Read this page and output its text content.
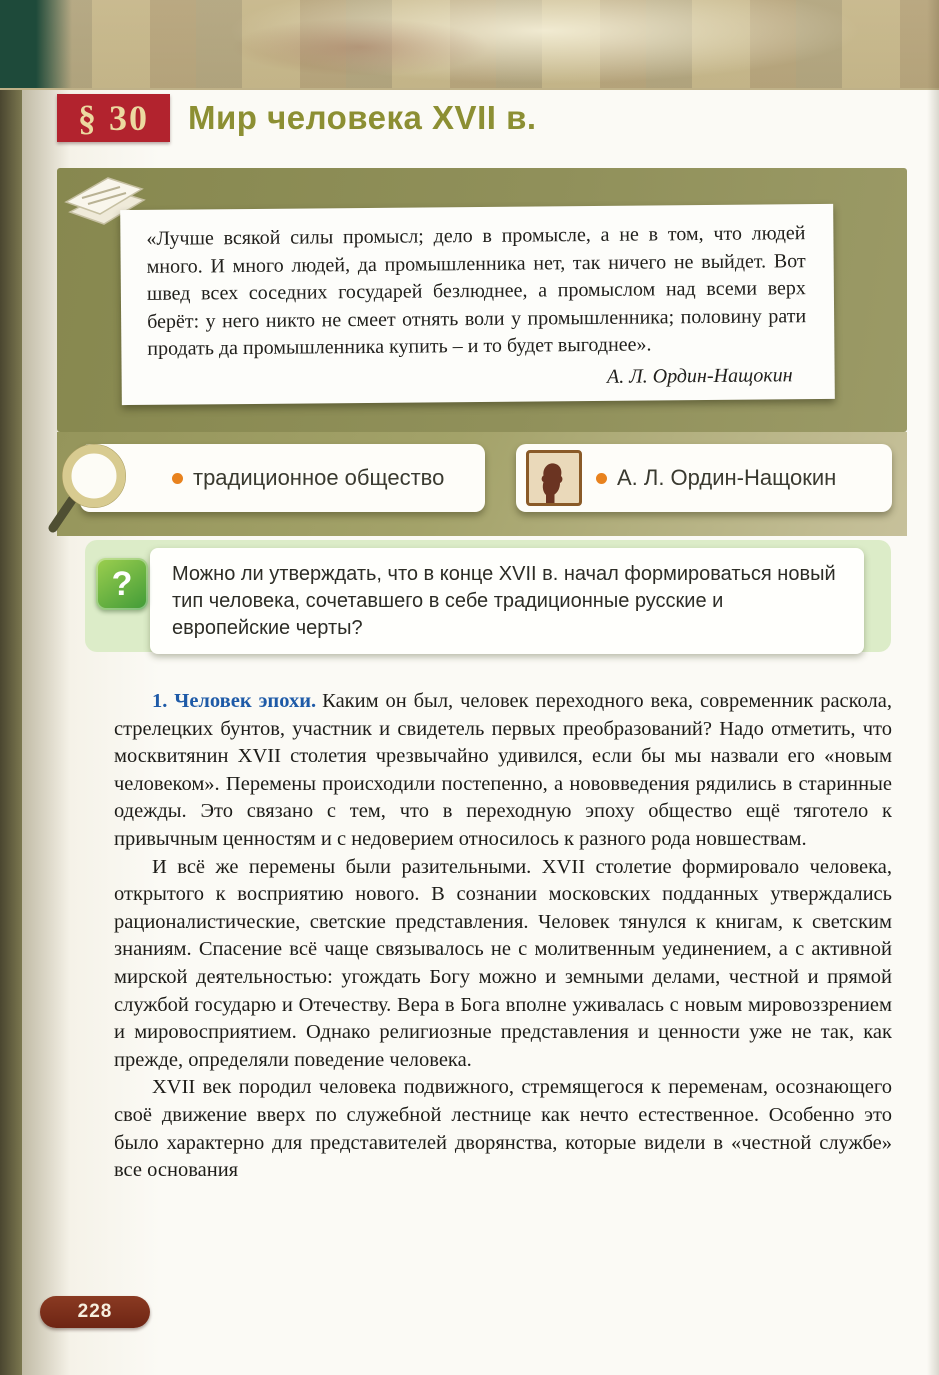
§ 30 Мир человека XVII в.
«Лучше всякой силы промысл; дело в промысле, а не в том, что людей много. И много людей, да промышленника нет, так ничего не выйдет. Вот швед всех соседних государей безлюднее, а промыслом над всеми верх берёт: у него никто не смеет отнять воли у промышленника; половину рати продать да промышленника купить – и то будет выгоднее».
А. Л. Ордин-Нащокин
традиционное общество	А. Л. Ордин-Нащокин
? Можно ли утверждать, что в конце XVII в. начал формироваться новый тип человека, сочетавшего в себе традиционные русские и европейские черты?

1. Человек эпохи. Каким он был, человек переходного века, современник раскола, стрелецких бунтов, участник и свидетель первых преобразований? Надо отметить, что москвитянин XVII столетия чрезвычайно удивился, если бы мы назвали его «новым человеком». Перемены происходили постепенно, а нововведения рядились в старинные одежды. Это связано с тем, что в переходную эпоху общество ещё тяготело к привычным ценностям и с недоверием относилось к разного рода новшествам.

И всё же перемены были разительными. XVII столетие формировало человека, открытого к восприятию нового. В сознании московских подданных утверждались рационалистические, светские представления. Человек тянулся к книгам, к светским знаниям. Спасение всё чаще связывалось не с молитвенным уединением, а с активной мирской деятельностью: угождать Богу можно и земными делами, честной и прямой службой государю и Отечеству. Вера в Бога вполне уживалась с новым мировоззрением и мировосприятием. Однако религиозные представления и ценности уже не так, как прежде, определяли поведение человека.

XVII век породил человека подвижного, стремящегося к переменам, осознающего своё движение вверх по служебной лестнице как нечто естественное. Особенно это было характерно для представителей дворянства, которые видели в «честной службе» все основания

228
